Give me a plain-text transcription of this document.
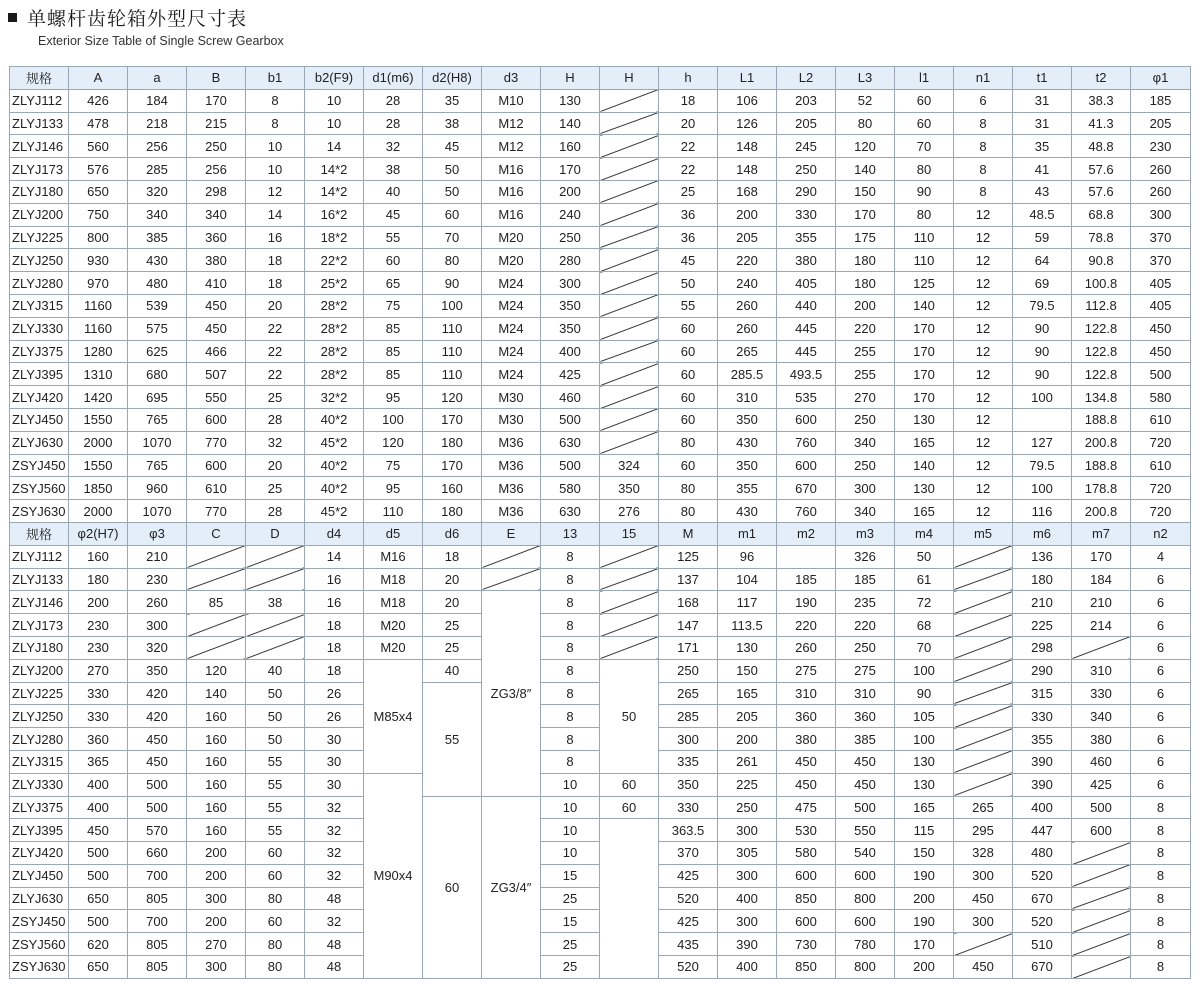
单螺杆齿轮箱外型尺寸表
Exterior Size Table of Single Screw Gearbox
规格	A	a	B	b1	b2(F9)	d1(m6)	d2(H8)	d3	H	H	h	L1	L2	L3	l1	n1	t1	t2	φ1
ZLYJ112	426	184	170	8	10	28	35	M10	130		18	106	203	52	60	6	31	38.3	185
ZLYJ133	478	218	215	8	10	28	38	M12	140		20	126	205	80	60	8	31	41.3	205
ZLYJ146	560	256	250	10	14	32	45	M12	160		22	148	245	120	70	8	35	48.8	230
ZLYJ173	576	285	256	10	14*2	38	50	M16	170		22	148	250	140	80	8	41	57.6	260
ZLYJ180	650	320	298	12	14*2	40	50	M16	200		25	168	290	150	90	8	43	57.6	260
ZLYJ200	750	340	340	14	16*2	45	60	M16	240		36	200	330	170	80	12	48.5	68.8	300
ZLYJ225	800	385	360	16	18*2	55	70	M20	250		36	205	355	175	110	12	59	78.8	370
ZLYJ250	930	430	380	18	22*2	60	80	M20	280		45	220	380	180	110	12	64	90.8	370
ZLYJ280	970	480	410	18	25*2	65	90	M24	300		50	240	405	180	125	12	69	100.8	405
ZLYJ315	1160	539	450	20	28*2	75	100	M24	350		55	260	440	200	140	12	79.5	112.8	405
ZLYJ330	1160	575	450	22	28*2	85	110	M24	350		60	260	445	220	170	12	90	122.8	450
ZLYJ375	1280	625	466	22	28*2	85	110	M24	400		60	265	445	255	170	12	90	122.8	450
ZLYJ395	1310	680	507	22	28*2	85	110	M24	425		60	285.5	493.5	255	170	12	90	122.8	500
ZLYJ420	1420	695	550	25	32*2	95	120	M30	460		60	310	535	270	170	12	100	134.8	580
ZLYJ450	1550	765	600	28	40*2	100	170	M30	500		60	350	600	250	130	12		188.8	610
ZLYJ630	2000	1070	770	32	45*2	120	180	M36	630		80	430	760	340	165	12	127	200.8	720
ZSYJ450	1550	765	600	20	40*2	75	170	M36	500	324	60	350	600	250	140	12	79.5	188.8	610
ZSYJ560	1850	960	610	25	40*2	95	160	M36	580	350	80	355	670	300	130	12	100	178.8	720
ZSYJ630	2000	1070	770	28	45*2	110	180	M36	630	276	80	430	760	340	165	12	116	200.8	720
规格	φ2(H7)	φ3	C	D	d4	d5	d6	E	13	15	M	m1	m2	m3	m4	m5	m6	m7	n2
ZLYJ112	160	210			14	M16	18		8		125	96		326	50		136	170	4
ZLYJ133	180	230			16	M18	20		8		137	104	185	185	61		180	184	6
ZLYJ146	200	260	85	38	16	M18	20	ZG3/8″	8		168	117	190	235	72		210	210	6
ZLYJ173	230	300			18	M20	25		8		147	113.5	220	220	68		225	214	6
ZLYJ180	230	320			18	M20	25		8		171	130	260	250	70		298		6
ZLYJ200	270	350	120	40	18	M85x4	40		8	50	250	150	275	275	100		290	310	6
ZLYJ225	330	420	140	50	26		55		8		265	165	310	310	90		315	330	6
ZLYJ250	330	420	160	50	26				8		285	205	360	360	105		330	340	6
ZLYJ280	360	450	160	50	30				8		300	200	380	385	100		355	380	6
ZLYJ315	365	450	160	55	30				8		335	261	450	450	130		390	460	6
ZLYJ330	400	500	160	55	30	M90x4			10	60	350	225	450	450	130		390	425	6
ZLYJ375	400	500	160	55	32		60	ZG3/4″	10	60	330	250	475	500	165	265	400	500	8
ZLYJ395	450	570	160	55	32				10		363.5	300	530	550	115	295	447	600	8
ZLYJ420	500	660	200	60	32				10		370	305	580	540	150	328	480		8
ZLYJ450	500	700	200	60	32				15		425	300	600	600	190	300	520		8
ZLYJ630	650	805	300	80	48				25		520	400	850	800	200	450	670		8
ZSYJ450	500	700	200	60	32				15		425	300	600	600	190	300	520		8
ZSYJ560	620	805	270	80	48				25		435	390	730	780	170		510		8
ZSYJ630	650	805	300	80	48				25		520	400	850	800	200	450	670		8
